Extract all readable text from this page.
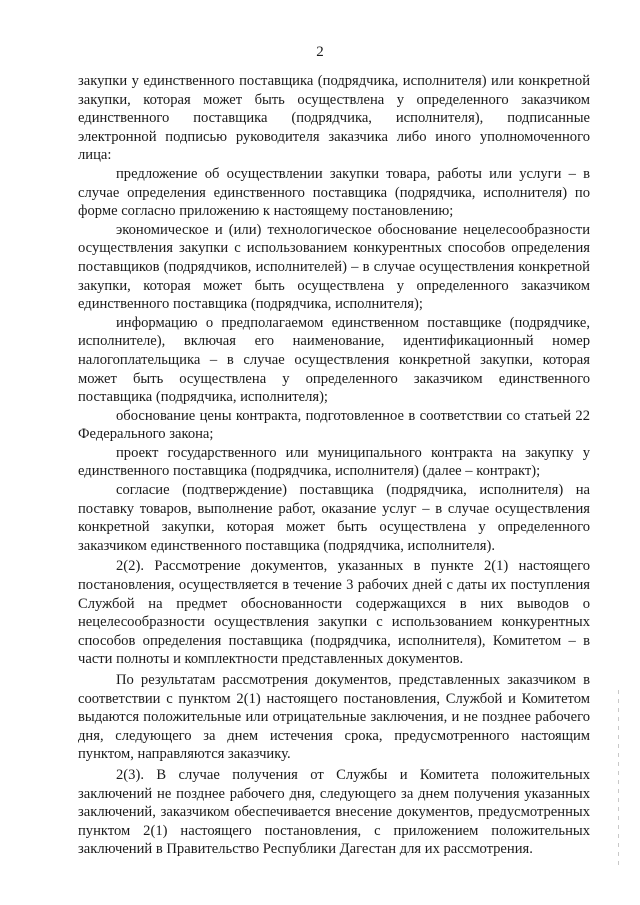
2

закупки у единственного поставщика (подрядчика, исполнителя) или конкретной закупки, которая может быть осуществлена у определенного заказчиком единственного поставщика (подрядчика, исполнителя), подписанные электронной подписью руководителя заказчика либо иного уполномоченного лица:

предложение об осуществлении закупки товара, работы или услуги – в случае определения единственного поставщика (подрядчика, исполнителя) по форме согласно приложению к настоящему постановлению;

экономическое и (или) технологическое обоснование нецелесообразности осуществления закупки с использованием конкурентных способов определения поставщиков (подрядчиков, исполнителей) – в случае осуществления конкретной закупки, которая может быть осуществлена у определенного заказчиком единственного поставщика (подрядчика, исполнителя);

информацию о предполагаемом единственном поставщике (подрядчике, исполнителе), включая его наименование, идентификационный номер налогоплательщика – в случае осуществления конкретной закупки, которая может быть осуществлена у определенного заказчиком единственного поставщика (подрядчика, исполнителя);

обоснование цены контракта, подготовленное в соответствии со статьей 22 Федерального закона;

проект государственного или муниципального контракта на закупку у единственного поставщика (подрядчика, исполнителя) (далее – контракт);

согласие (подтверждение) поставщика (подрядчика, исполнителя) на поставку товаров, выполнение работ, оказание услуг – в случае осуществления конкретной закупки, которая может быть осуществлена у определенного заказчиком единственного поставщика (подрядчика, исполнителя).

2(2). Рассмотрение документов, указанных в пункте 2(1) настоящего постановления, осуществляется в течение 3 рабочих дней с даты их поступления Службой на предмет обоснованности содержащихся в них выводов о нецелесообразности осуществления закупки с использованием конкурентных способов определения поставщика (подрядчика, исполнителя), Комитетом – в части полноты и комплектности представленных документов.

По результатам рассмотрения документов, представленных заказчиком в соответствии с пунктом 2(1) настоящего постановления, Службой и Комитетом выдаются положительные или отрицательные заключения, и не позднее рабочего дня, следующего за днем истечения срока, предусмотренного настоящим пунктом, направляются заказчику.

2(3). В случае получения от Службы и Комитета положительных заключений не позднее рабочего дня, следующего за днем получения указанных заключений, заказчиком обеспечивается внесение документов, предусмотренных пунктом 2(1) настоящего постановления, с приложением положительных заключений в Правительство Республики Дагестан для их рассмотрения.
